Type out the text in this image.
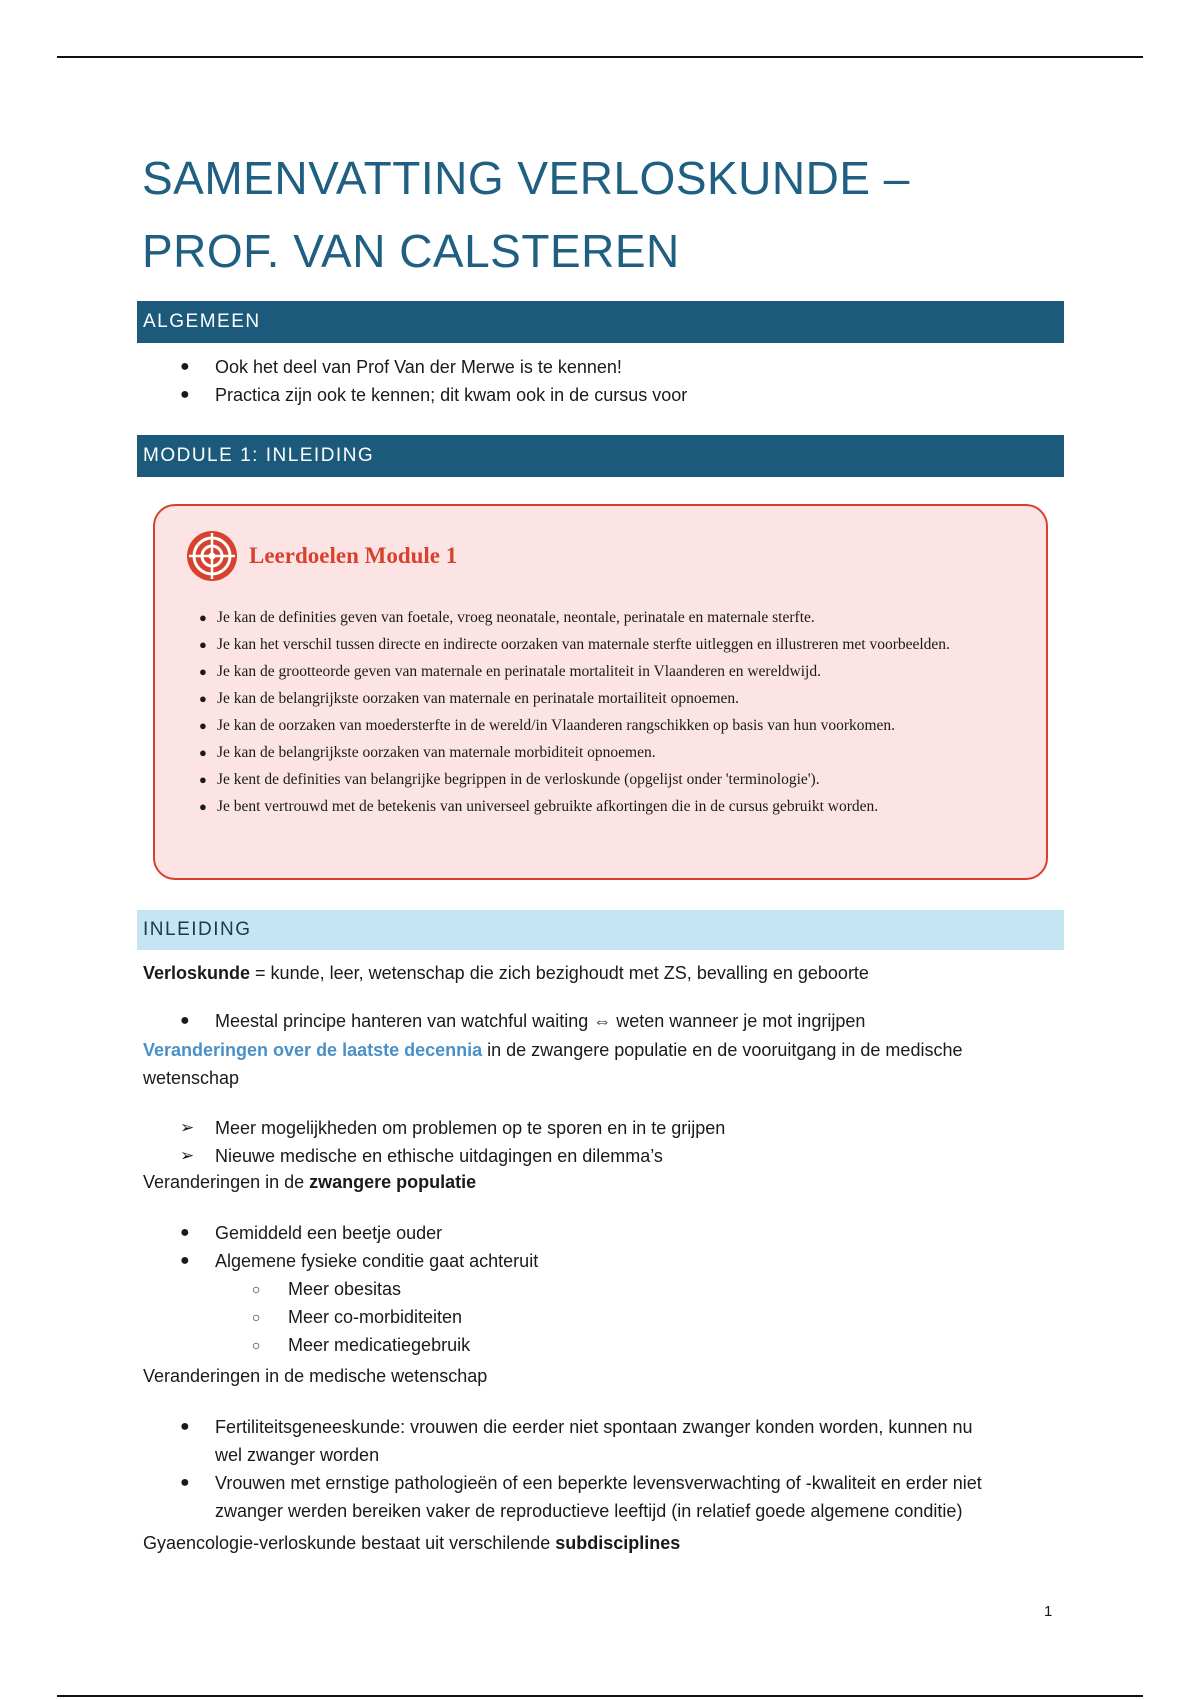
SAMENVATTING VERLOSKUNDE –
PROF. VAN CALSTEREN
ALGEMEEN
● Ook het deel van Prof Van der Merwe is te kennen!
● Practica zijn ook te kennen; dit kwam ook in de cursus voor
MODULE 1: INLEIDING
Leerdoelen Module 1
● Je kan de definities geven van foetale, vroeg neonatale, neontale, perinatale en maternale sterfte.
● Je kan het verschil tussen directe en indirecte oorzaken van maternale sterfte uitleggen en illustreren met voorbeelden.
● Je kan de grootteorde geven van maternale en perinatale mortaliteit in Vlaanderen en wereldwijd.
● Je kan de belangrijkste oorzaken van maternale en perinatale mortailiteit opnoemen.
● Je kan de oorzaken van moedersterfte in de wereld/in Vlaanderen rangschikken op basis van hun voorkomen.
● Je kan de belangrijkste oorzaken van maternale morbiditeit opnoemen.
● Je kent de definities van belangrijke begrippen in de verloskunde (opgelijst onder 'terminologie').
● Je bent vertrouwd met de betekenis van universeel gebruikte afkortingen die in de cursus gebruikt worden.
INLEIDING
Verloskunde = kunde, leer, wetenschap die zich bezighoudt met ZS, bevalling en geboorte
● Meestal principe hanteren van watchful waiting ⇔ weten wanneer je mot ingrijpen
Veranderingen over de laatste decennia in de zwangere populatie en de vooruitgang in de medische
wetenschap
➢ Meer mogelijkheden om problemen op te sporen en in te grijpen
➢ Nieuwe medische en ethische uitdagingen en dilemma’s
Veranderingen in de zwangere populatie
● Gemiddeld een beetje ouder
● Algemene fysieke conditie gaat achteruit
○ Meer obesitas
○ Meer co-morbiditeiten
○ Meer medicatiegebruik
Veranderingen in de medische wetenschap
● Fertiliteitsgeneeskunde: vrouwen die eerder niet spontaan zwanger konden worden, kunnen nu
wel zwanger worden
● Vrouwen met ernstige pathologieën of een beperkte levensverwachting of -kwaliteit en erder niet
zwanger werden bereiken vaker de reproductieve leeftijd (in relatief goede algemene conditie)
Gyaencologie-verloskunde bestaat uit verschilende subdisciplines
1
